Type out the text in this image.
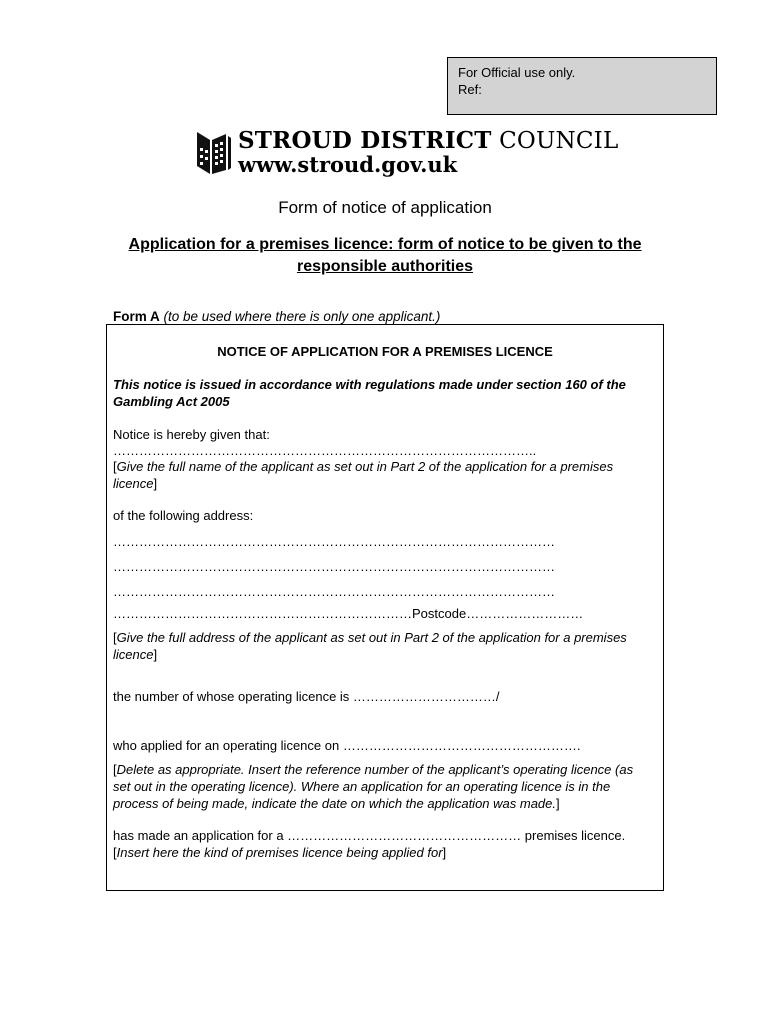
For Official use only.
Ref:
STROUD DISTRICT COUNCIL
www.stroud.gov.uk
Form of notice of application
Application for a premises licence: form of notice to be given to the responsible authorities
Form A (to be used where there is only one applicant.)
NOTICE OF APPLICATION FOR A PREMISES LICENCE
This notice is issued in accordance with regulations made under section 160 of the Gambling Act 2005
Notice is hereby given that:
……………………………………………………………………………………..
[Give the full name of the applicant as set out in Part 2 of the application for a premises licence]
of the following address:
…………………………………………………………………………………………
…………………………………………………………………………………………
…………………………………………………………………………………………
……………………………………………………………Postcode………………………
[Give the full address of the applicant as set out in Part 2 of the application for a premises licence]
the number of whose operating licence is ……………………………/
who applied for an operating licence on ……………………………………………….
[Delete as appropriate. Insert the reference number of the applicant’s operating licence (as set out in the operating licence). Where an application for an operating licence is in the process of being made, indicate the date on which the application was made.]
has made an application for a ……………………………………………… premises licence.
[Insert here the kind of premises licence being applied for]
